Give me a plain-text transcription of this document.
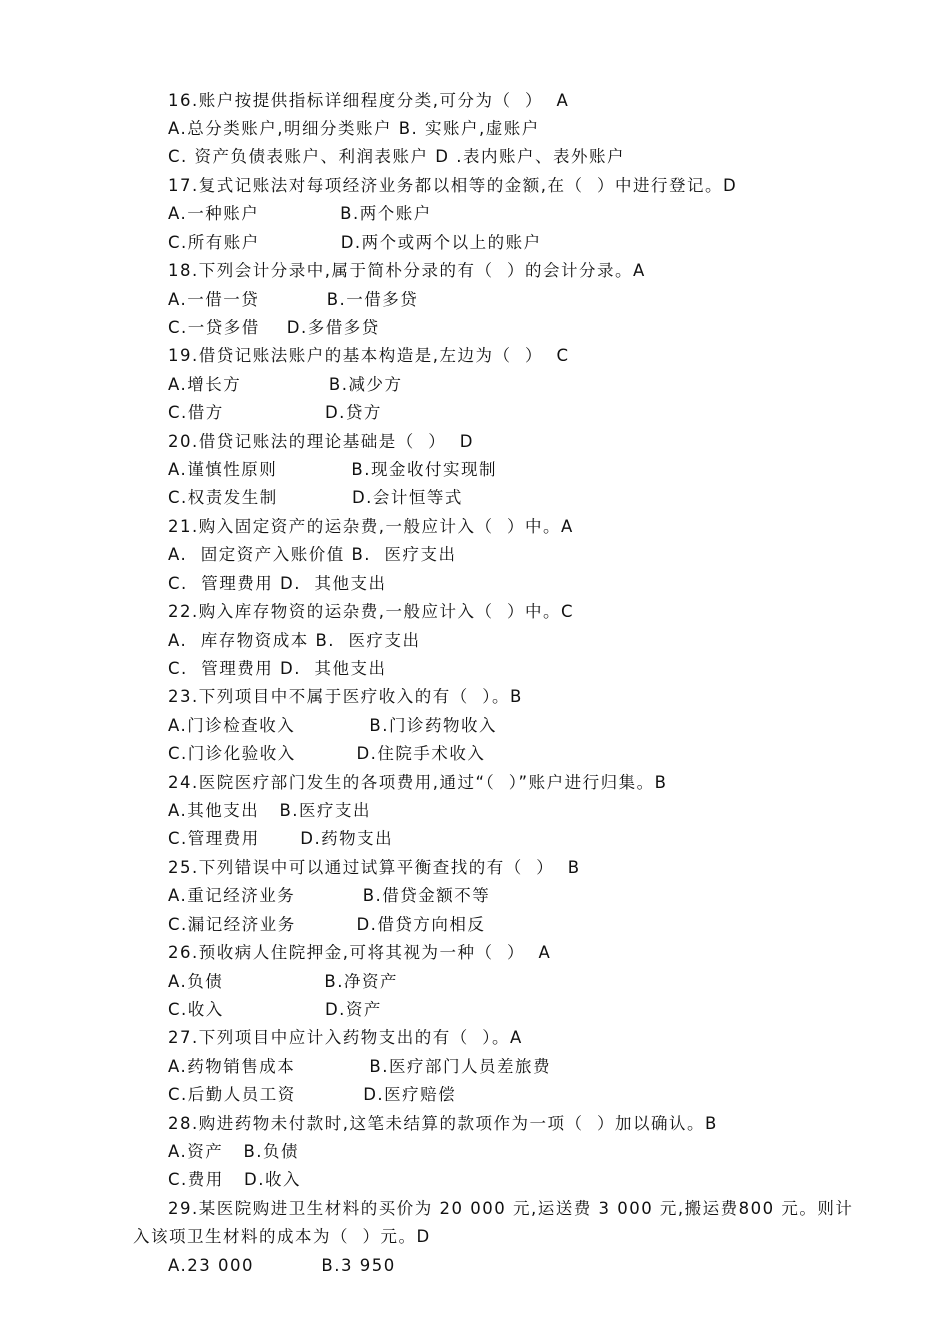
16.账户按提供指标详细程度分类,可分为（  ）  A
A.总分类账户,明细分类账户 B. 实账户,虚账户
C. 资产负债表账户、利润表账户 D .表内账户、表外账户
17.复式记账法对每项经济业务都以相等的金额,在（  ）中进行登记。D
A.一种账户            B.两个账户
C.所有账户            D.两个或两个以上的账户
18.下列会计分录中,属于简朴分录的有（  ）的会计分录。A
A.一借一贷          B.一借多贷
C.一贷多借    D.多借多贷
19.借贷记账法账户的基本构造是,左边为（  ）  C
A.增长方             B.减少方
C.借方               D.贷方
20.借贷记账法的理论基础是（  ）  D
A.谨慎性原则           B.现金收付实现制
C.权责发生制           D.会计恒等式
21.购入固定资产的运杂费,一般应计入（  ）中。A
A.  固定资产入账价值 B.  医疗支出
C.  管理费用 D.  其他支出
22.购入库存物资的运杂费,一般应计入（  ）中。C
A.  库存物资成本 B.  医疗支出
C.  管理费用 D.  其他支出
23.下列项目中不属于医疗收入的有（  ）。B
A.门诊检查收入           B.门诊药物收入
C.门诊化验收入         D.住院手术收入
24.医院医疗部门发生的各项费用,通过“（  ）”账户进行归集。B
A.其他支出   B.医疗支出
C.管理费用      D.药物支出
25.下列错误中可以通过试算平衡查找的有（  ）  B
A.重记经济业务          B.借贷金额不等
C.漏记经济业务         D.借贷方向相反
26.预收病人住院押金,可将其视为一种（  ）  A
A.负债               B.净资产
C.收入               D.资产
27.下列项目中应计入药物支出的有（  ）。A
A.药物销售成本           B.医疗部门人员差旅费
C.后勤人员工资          D.医疗赔偿
28.购进药物未付款时,这笔未结算的款项作为一项（  ）加以确认。B
A.资产   B.负债
C.费用   D.收入
29.某医院购进卫生材料的买价为 20 000 元,运送费 3 000 元,搬运费800 元。则计
入该项卫生材料的成本为（  ）元。D
A.23 000          B.3 950
